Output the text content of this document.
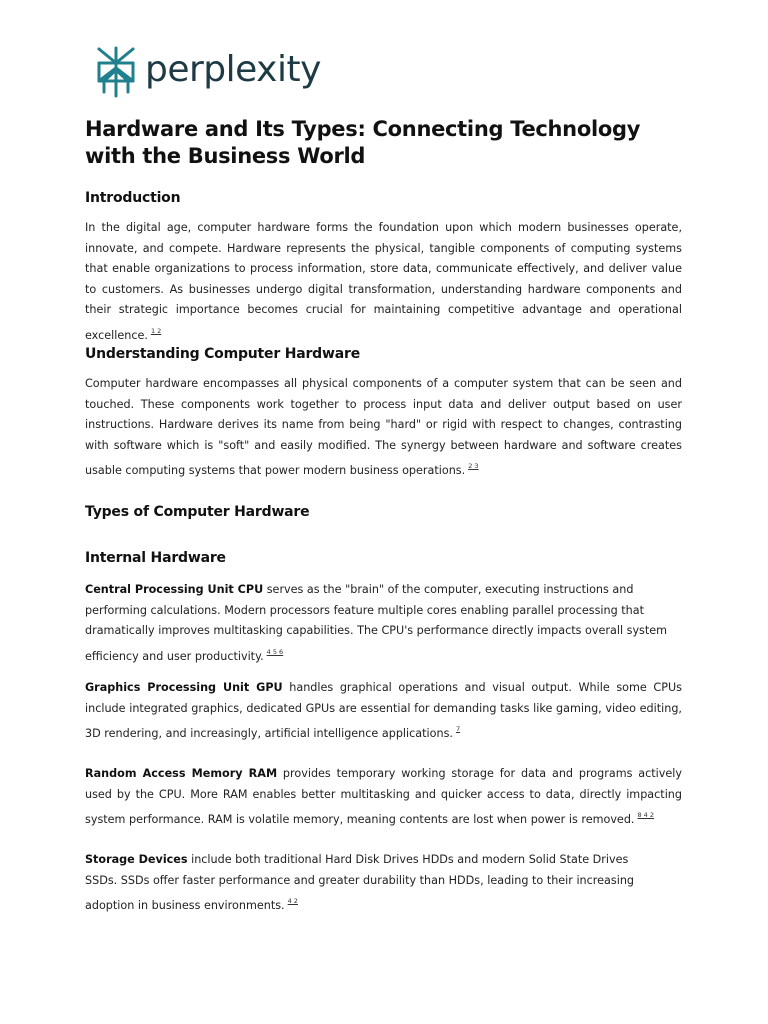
perplexity
Hardware and Its Types: Connecting Technology with the Business World
Introduction

In the digital age, computer hardware forms the foundation upon which modern businesses operate, innovate, and compete. Hardware represents the physical, tangible components of computing systems that enable organizations to process information, store data, communicate effectively, and deliver value to customers. As businesses undergo digital transformation, understanding hardware components and their strategic importance becomes crucial for maintaining competitive advantage and operational excellence. $^{1 2}$

Understanding Computer Hardware

Computer hardware encompasses all physical components of a computer system that can be seen and touched. These components work together to process input data and deliver output based on user instructions. Hardware derives its name from being "hard" or rigid with respect to changes, contrasting with software which is "soft" and easily modified. The synergy between hardware and software creates usable computing systems that power modern business operations. $^{2 3}$

Types of Computer Hardware
Internal Hardware

Central Processing Unit CPU serves as the "brain" of the computer, executing instructions and performing calculations. Modern processors feature multiple cores enabling parallel processing that dramatically improves multitasking capabilities. The CPU's performance directly impacts overall system efficiency and user productivity. $^{4 5 6}$

Graphics Processing Unit GPU handles graphical operations and visual output. While some CPUs include integrated graphics, dedicated GPUs are essential for demanding tasks like gaming, video editing, 3D rendering, and increasingly, artificial intelligence applications. $^7$

Random Access Memory RAM provides temporary working storage for data and programs actively used by the CPU. More RAM enables better multitasking and quicker access to data, directly impacting system performance. RAM is volatile memory, meaning contents are lost when power is removed. $^{8 4 2}$

Storage Devices include both traditional Hard Disk Drives HDDs and modern Solid State Drives
SSDs. SSDs offer faster performance and greater durability than HDDs, leading to their increasing adoption in business environments. $^{4 2}$
